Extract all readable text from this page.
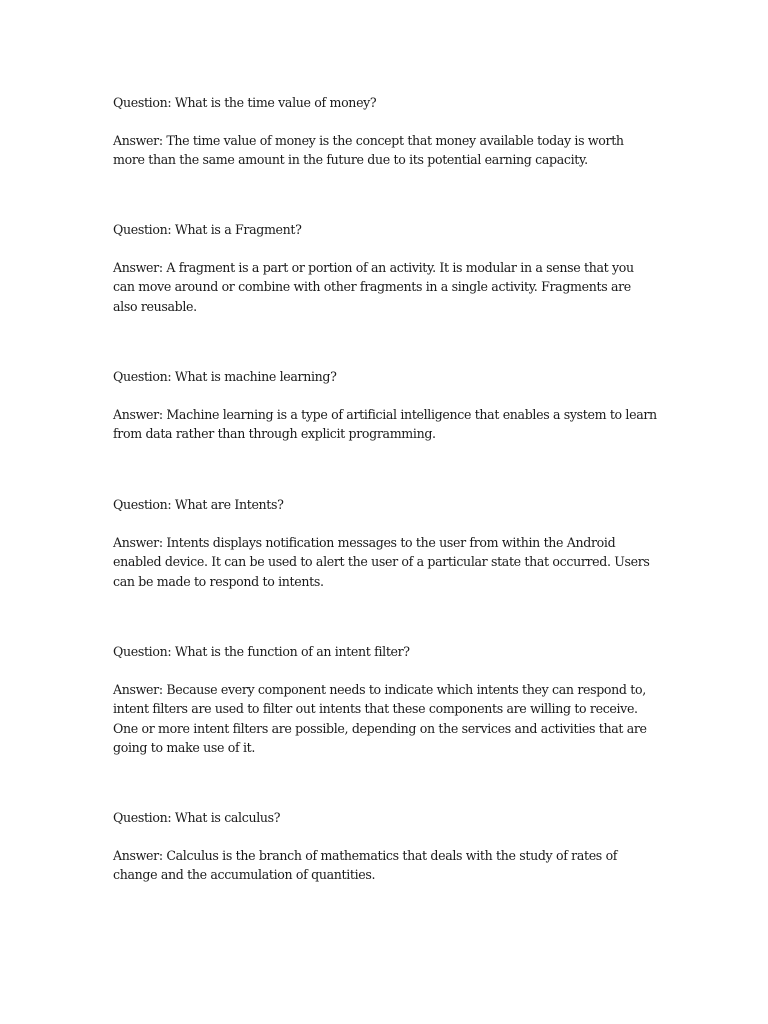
Question: What is the time value of money?

Answer: The time value of money is the concept that money available today is worth more than the same amount in the future due to its potential earning capacity.

Question: What is a Fragment?

Answer: A fragment is a part or portion of an activity. It is modular in a sense that you can move around or combine with other fragments in a single activity. Fragments are also reusable.

Question: What is machine learning?

Answer: Machine learning is a type of artificial intelligence that enables a system to learn from data rather than through explicit programming.

Question: What are Intents?

Answer: Intents displays notification messages to the user from within the Android enabled device. It can be used to alert the user of a particular state that occurred. Users can be made to respond to intents.

Question: What is the function of an intent filter?

Answer: Because every component needs to indicate which intents they can respond to, intent filters are used to filter out intents that these components are willing to receive. One or more intent filters are possible, depending on the services and activities that are going to make use of it.

Question: What is calculus?

Answer: Calculus is the branch of mathematics that deals with the study of rates of change and the accumulation of quantities.
